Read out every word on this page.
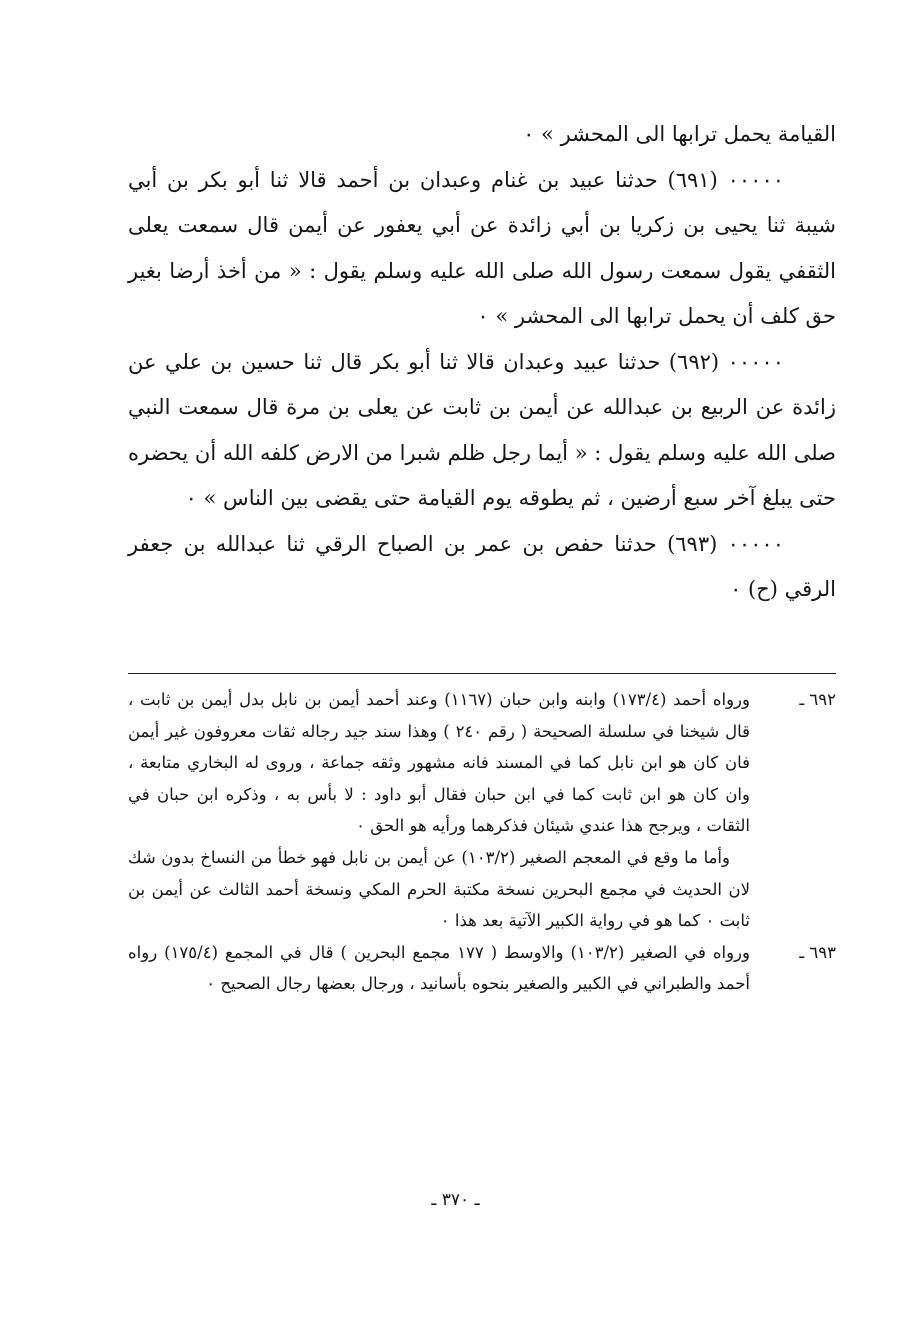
القيامة يحمل ترابها الى المحشر » ٠

٠٠٠٠٠ (٦٩١) حدثنا عبيد بن غنام وعبدان بن أحمد قالا ثنا أبو بكر بن أبي شيبة ثنا يحيى بن زكريا بن أبي زائدة عن أبي يعفور عن أيمن قال سمعت يعلى الثقفي يقول سمعت رسول الله صلى الله عليه وسلم يقول : « من أخذ أرضا بغير حق كلف أن يحمل ترابها الى المحشر » ٠

٠٠٠٠٠ (٦٩٢) حدثنا عبيد وعبدان قالا ثنا أبو بكر قال ثنا حسين بن علي عن زائدة عن الربيع بن عبدالله عن أيمن بن ثابت عن يعلى بن مرة قال سمعت النبي صلى الله عليه وسلم يقول : « أيما رجل ظلم شبرا من الارض كلفه الله أن يحضره حتى يبلغ آخر سبع أرضين ، ثم يطوقه يوم القيامة حتى يقضى بين الناس » ٠

٠٠٠٠٠ (٦٩٣) حدثنا حفص بن عمر بن الصباح الرقي ثنا عبدالله بن جعفر الرقي (ح) ٠

٦٩٢ ـ

ورواه أحمد (١٧٣/٤) وابنه وابن حبان (١١٦٧) وعند أحمد أيمن بن نابل بدل أيمن بن ثابت ، قال شيخنا في سلسلة الصحيحة ( رقم ٢٤٠ ) وهذا سند جيد رجاله ثقات معروفون غير أيمن فان كان هو ابن نابل كما في المسند فانه مشهور وثقه جماعة ، وروى له البخاري متابعة ، وان كان هو ابن ثابت كما في ابن حبان فقال أبو داود : لا بأس به ، وذكره ابن حبان في الثقات ، ويرجح هذا عندي شيئان فذكرهما ورأيه هو الحق ٠

وأما ما وقع في المعجم الصغير (١٠٣/٢) عن أيمن بن نابل فهو خطأ من النساخ بدون شك لان الحديث في مجمع البحرين نسخة مكتبة الحرم المكي ونسخة أحمد الثالث عن أيمن بن ثابت ٠ كما هو في رواية الكبير الآتية بعد هذا ٠

٦٩٣ ـ

ورواه في الصغير (١٠٣/٢) والاوسط ( ١٧٧ مجمع البحرين ) قال في المجمع (١٧٥/٤) رواه أحمد والطبراني في الكبير والصغير بنحوه بأسانيد ، ورجال بعضها رجال الصحيح ٠

ـ ٣٧٠ ـ
